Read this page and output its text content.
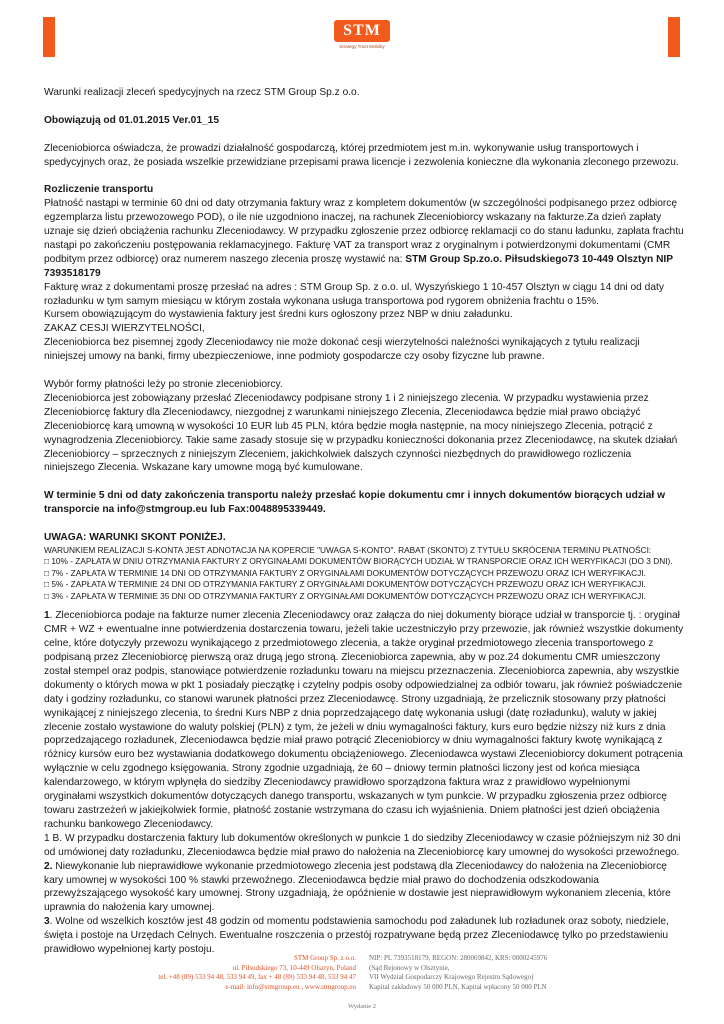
STM
Strategy Trust Mobility

Warunki realizacji zleceń spedycyjnych na rzecz STM Group Sp.z o.o.

Obowiązują od 01.01.2015 Ver.01_15

Zleceniobiorca oświadcza, że prowadzi działalność gospodarczą, której przedmiotem jest m.in. wykonywanie usług transportowych i spedycyjnych oraz, że posiada wszelkie przewidziane przepisami prawa licencje i zezwolenia konieczne dla wykonania zleconego przewozu.

Rozliczenie transportu

Płatność nastąpi w terminie 60 dni od daty otrzymania faktury wraz z kompletem dokumentów (w szczególności podpisanego przez odbiorcę egzemplarza listu przewozowego POD), o ile nie uzgodniono inaczej, na rachunek Zleceniobiorcy wskazany na fakturze.Za dzień zapłaty uznaje się dzień obciążenia rachunku Zleceniodawcy. W przypadku zgłoszenie przez odbiorcę reklamacji co do stanu ładunku, zapłata frachtu nastąpi po zakończeniu postępowania reklamacyjnego. Fakturę VAT za transport wraz z oryginalnym i potwierdzonymi dokumentami (CMR podbitym przez odbiorcę) oraz numerem naszego zlecenia proszę wystawić na: STM Group Sp.zo.o. Piłsudskiego73 10-449 Olsztyn NIP 7393518179

Fakturę wraz z dokumentami proszę przesłać na adres : STM Group Sp. z o.o. ul. Wyszyńskiego 1 10-457 Olsztyn w ciągu 14 dni od daty rozładunku w tym samym miesiącu w którym została wykonana usługa transportowa pod rygorem obniżenia frachtu o 15%.

Kursem obowiązującym do wystawienia faktury jest średni kurs ogłoszony przez NBP w dniu załadunku.

ZAKAZ CESJI WIERZYTELNOŚCI,

Zleceniobiorca bez pisemnej zgody Zleceniodawcy nie może dokonać cesji wierzytelności należności wynikających z tytułu realizacji niniejszej umowy na banki, firmy ubezpieczeniowe, inne podmioty gospodarcze czy osoby fizyczne lub prawne.

Wybór formy płatności leży po stronie zleceniobiorcy.

Zleceniobiorca jest zobowiązany przesłać Zleceniodawcy podpisane strony 1 i 2 niniejszego zlecenia. W przypadku wystawienia przez Zleceniobiorcę faktury dla Zleceniodawcy, niezgodnej z warunkami niniejszego Zlecenia, Zleceniodawca będzie miał prawo obciążyć Zleceniobiorcę karą umowną w wysokości 10 EUR lub 45 PLN, która będzie mogła następnie, na mocy niniejszego Zlecenia, potrącić z wynagrodzenia Zleceniobiorcy. Takie same zasady stosuje się w przypadku konieczności dokonania przez Zleceniodawcę, na skutek działań Zleceniobiorcy – sprzecznych z niniejszym Zleceniem, jakichkolwiek dalszych czynności niezbędnych do prawidłowego rozliczenia niniejszego Zlecenia. Wskazane kary umowne mogą być kumulowane.

W terminie 5 dni od daty zakończenia transportu należy przesłać kopie dokumentu cmr i innych dokumentów biorących udział w transporcie na info@stmgroup.eu lub Fax:0048895339449.

UWAGA: WARUNKI SKONT PONIŻEJ.

WARUNKIEM REALIZACJI S-KONTA JEST ADNOTACJA NA KOPERCIE "UWAGA S-KONTO". RABAT (SKONTO) Z TYTUŁU SKRÓCENIA TERMINU PŁATNOŚCI:

□ 10% - ZAPŁATA W DNIU OTRZYMANIA FAKTURY Z ORYGINAŁAMI DOKUMENTÓW BIORĄCYCH UDZIAŁ W TRANSPORCIE ORAZ ICH WERYFIKACJI (DO 3 DNI).

□ 7% - ZAPŁATA W TERMINIE 14 DNI OD OTRZYMANIA FAKTURY Z ORYGINAŁAMI DOKUMENTÓW DOTYCZĄCYCH PRZEWOZU ORAZ ICH WERYFIKACJI.

□ 5% - ZAPŁATA W TERMINIE 24 DNI OD OTRZYMANIA FAKTURY Z ORYGINAŁAMI DOKUMENTÓW DOTYCZĄCYCH PRZEWOZU ORAZ ICH WERYFIKACJI.

□ 3% - ZAPŁATA W TERMINIE 35 DNI OD OTRZYMANIA FAKTURY Z ORYGINAŁAMI DOKUMENTÓW DOTYCZĄCYCH PRZEWOZU ORAZ ICH WERYFIKACJI.

1. Zleceniobiorca podaje na fakturze numer zlecenia Zleceniodawcy oraz załącza do niej dokumenty biorące udział w transporcie tj. : oryginał CMR + WZ + ewentualne inne potwierdzenia dostarczenia towaru, jeżeli takie uczestniczyło przy przewozie, jak również wszystkie dokumenty celne, które dotyczyły przewozu wynikającego z przedmiotowego zlecenia, a także oryginał przedmiotowego zlecenia transportowego z podpisaną przez Zleceniobiorcę pierwszą oraz drugą jego stroną. Zleceniobiorca zapewnia, aby w poz.24 dokumentu CMR umieszczony został stempel oraz podpis, stanowiące potwierdzenie rozładunku towaru na miejscu przeznaczenia. Zleceniobiorca zapewnia, aby wszystkie dokumenty o których mowa w pkt 1 posiadały pieczątkę i czytelny podpis osoby odpowiedzialnej za odbiór towaru, jak również poświadczenie daty i godziny rozładunku, co stanowi warunek płatności przez Zleceniodawcę. Strony uzgadniają, że przelicznik stosowany przy płatności wynikającej z niniejszego zlecenia, to średni Kurs NBP z dnia poprzedzającego datę wykonania usługi (datę rozładunku), waluty w jakiej zlecenie zostało wystawione do waluty polskiej (PLN) z tym, że jeżeli w dniu wymagalności faktury, kurs euro będzie niższy niż kurs z dnia poprzedzającego rozładunek, Zleceniodawca będzie miał prawo potrącić Zleceniobiorcy w dniu wymagalności faktury kwotę wynikającą z różnicy kursów euro bez wystawiania dodatkowego dokumentu obciążeniowego. Zleceniodawca wystawi Zleceniobiorcy dokument potrącenia wyłącznie w celu zgodnego księgowania. Strony zgodnie uzgadniają, że 60 – dniowy termin płatności liczony jest od końca miesiąca kalendarzowego, w którym wpłynęła do siedziby Zleceniodawcy prawidłowo sporządzona faktura wraz z prawidłowo wypełnionymi oryginałami wszystkich dokumentów dotyczących danego transportu, wskazanych w tym punkcie. W przypadku zgłoszenia przez odbiorcę towaru zastrzeżeń w jakiejkolwiek formie, płatność zostanie wstrzymana do czasu ich wyjaśnienia. Dniem płatności jest dzień obciążenia rachunku bankowego Zleceniodawcy.

1 B. W przypadku dostarczenia faktury lub dokumentów określonych w punkcie 1 do siedziby Zleceniodawcy w czasie późniejszym niż 30 dni od umówionej daty rozładunku, Zleceniodawca będzie miał prawo do nałożenia na Zleceniobiorcę kary umownej do wysokości przewoźnego.

2. Niewykonanie lub nieprawidłowe wykonanie przedmiotowego zlecenia jest podstawą dla Zleceniodawcy do nałożenia na Zleceniobiorcę kary umownej w wysokości 100 % stawki przewoźnego. Zleceniodawca będzie miał prawo do dochodzenia odszkodowania przewyższającego wysokość kary umownej. Strony uzgadniają, że opóźnienie w dostawie jest nieprawidłowym wykonaniem zlecenia, które uprawnia do nałożenia kary umownej.

3. Wolne od wszelkich kosztów jest 48 godzin od momentu podstawienia samochodu pod załadunek lub rozładunek oraz soboty, niedziele, święta i postoje na Urzędach Celnych. Ewentualne roszczenia o przestój rozpatrywane będą przez Zleceniodawcę tylko po przedstawieniu prawidłowo wypełnionej karty postoju.

STM Group Sp. z o.o.
ul. Piłsudskiego 73, 10-449 Olsztyn, Poland
tel. +48 (89) 533 94 48, 533 94 49, fax + 48 (89) 533 94 48, 533 94 47
e-mail: info@stmgroup.eu , www.stmgroup.eu
NIP: PL 7393518179, REGON: 280069842, KRS: 0000245976
(Sąd Rejonowy w Olsztynie,
VII Wydział Gospodarczy Krajowego Rejestru Sądowego)
Kapitał zakładowy 50 000 PLN, Kapitał wpłacony 50 000 PLN
Wydanie 2
